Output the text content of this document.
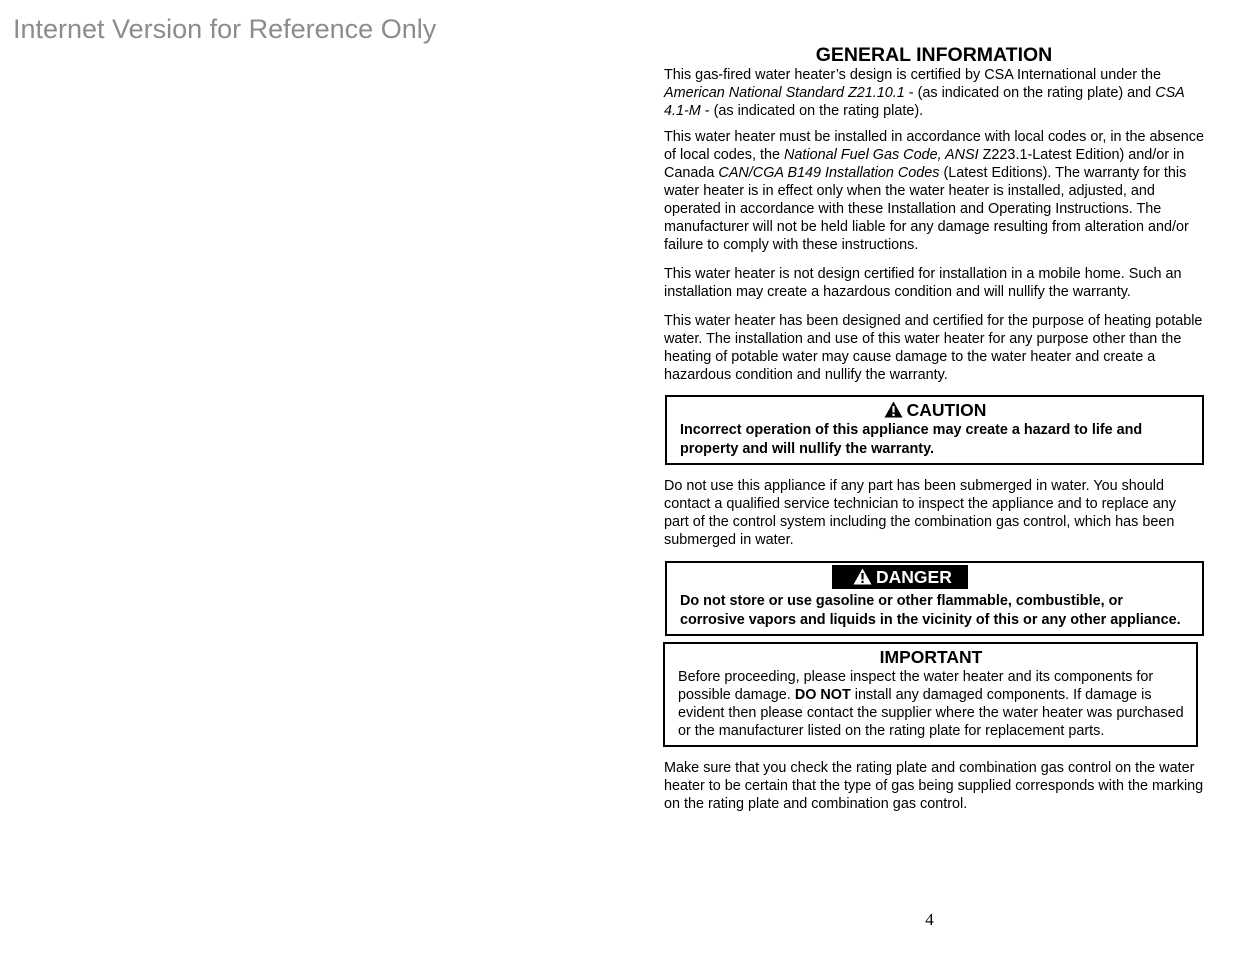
Internet Version for Reference Only
GENERAL INFORMATION

This gas-fired water heater’s design is certified by CSA International under the American National Standard Z21.10.1 - (as indicated on the rating plate) and CSA 4.1-M - (as indicated on the rating plate).

This water heater must be installed in accordance with local codes or, in the absence of local codes, the National Fuel Gas Code, ANSI Z223.1-Latest Edition) and/or in Canada CAN/CGA B149 Installation Codes (Latest Editions). The warranty for this water heater is in effect only when the water heater is installed, adjusted, and operated in accordance with these Installation and Operating Instructions. The manufacturer will not be held liable for any damage resulting from alteration and/or failure to comply with these instructions.

This water heater is not design certified for installation in a mobile home. Such an installation may create a hazardous condition and will nullify the warranty.

This water heater has been designed and certified for the purpose of heating potable water. The installation and use of this water heater for any purpose other than the heating of potable water may cause damage to the water heater and create a hazardous condition and nullify the warranty.

CAUTION
Incorrect operation of this appliance may create a hazard to life and property and will nullify the warranty.

Do not use this appliance if any part has been submerged in water. You should contact a qualified service technician to inspect the appliance and to replace any part of the control system including the combination gas control, which has been submerged in water.

DANGER
Do not store or use gasoline or other flammable, combustible, or corrosive vapors and liquids in the vicinity of this or any other appliance.
IMPORTANT
Before proceeding, please inspect the water heater and its components for possible damage. DO NOT install any damaged components. If damage is evident then please contact the supplier where the water heater was purchased or the manufacturer listed on the rating plate for replacement parts.

Make sure that you check the rating plate and combination gas control on the water heater to be certain that the type of gas being supplied corresponds with the marking on the rating plate and combination gas control.

4
